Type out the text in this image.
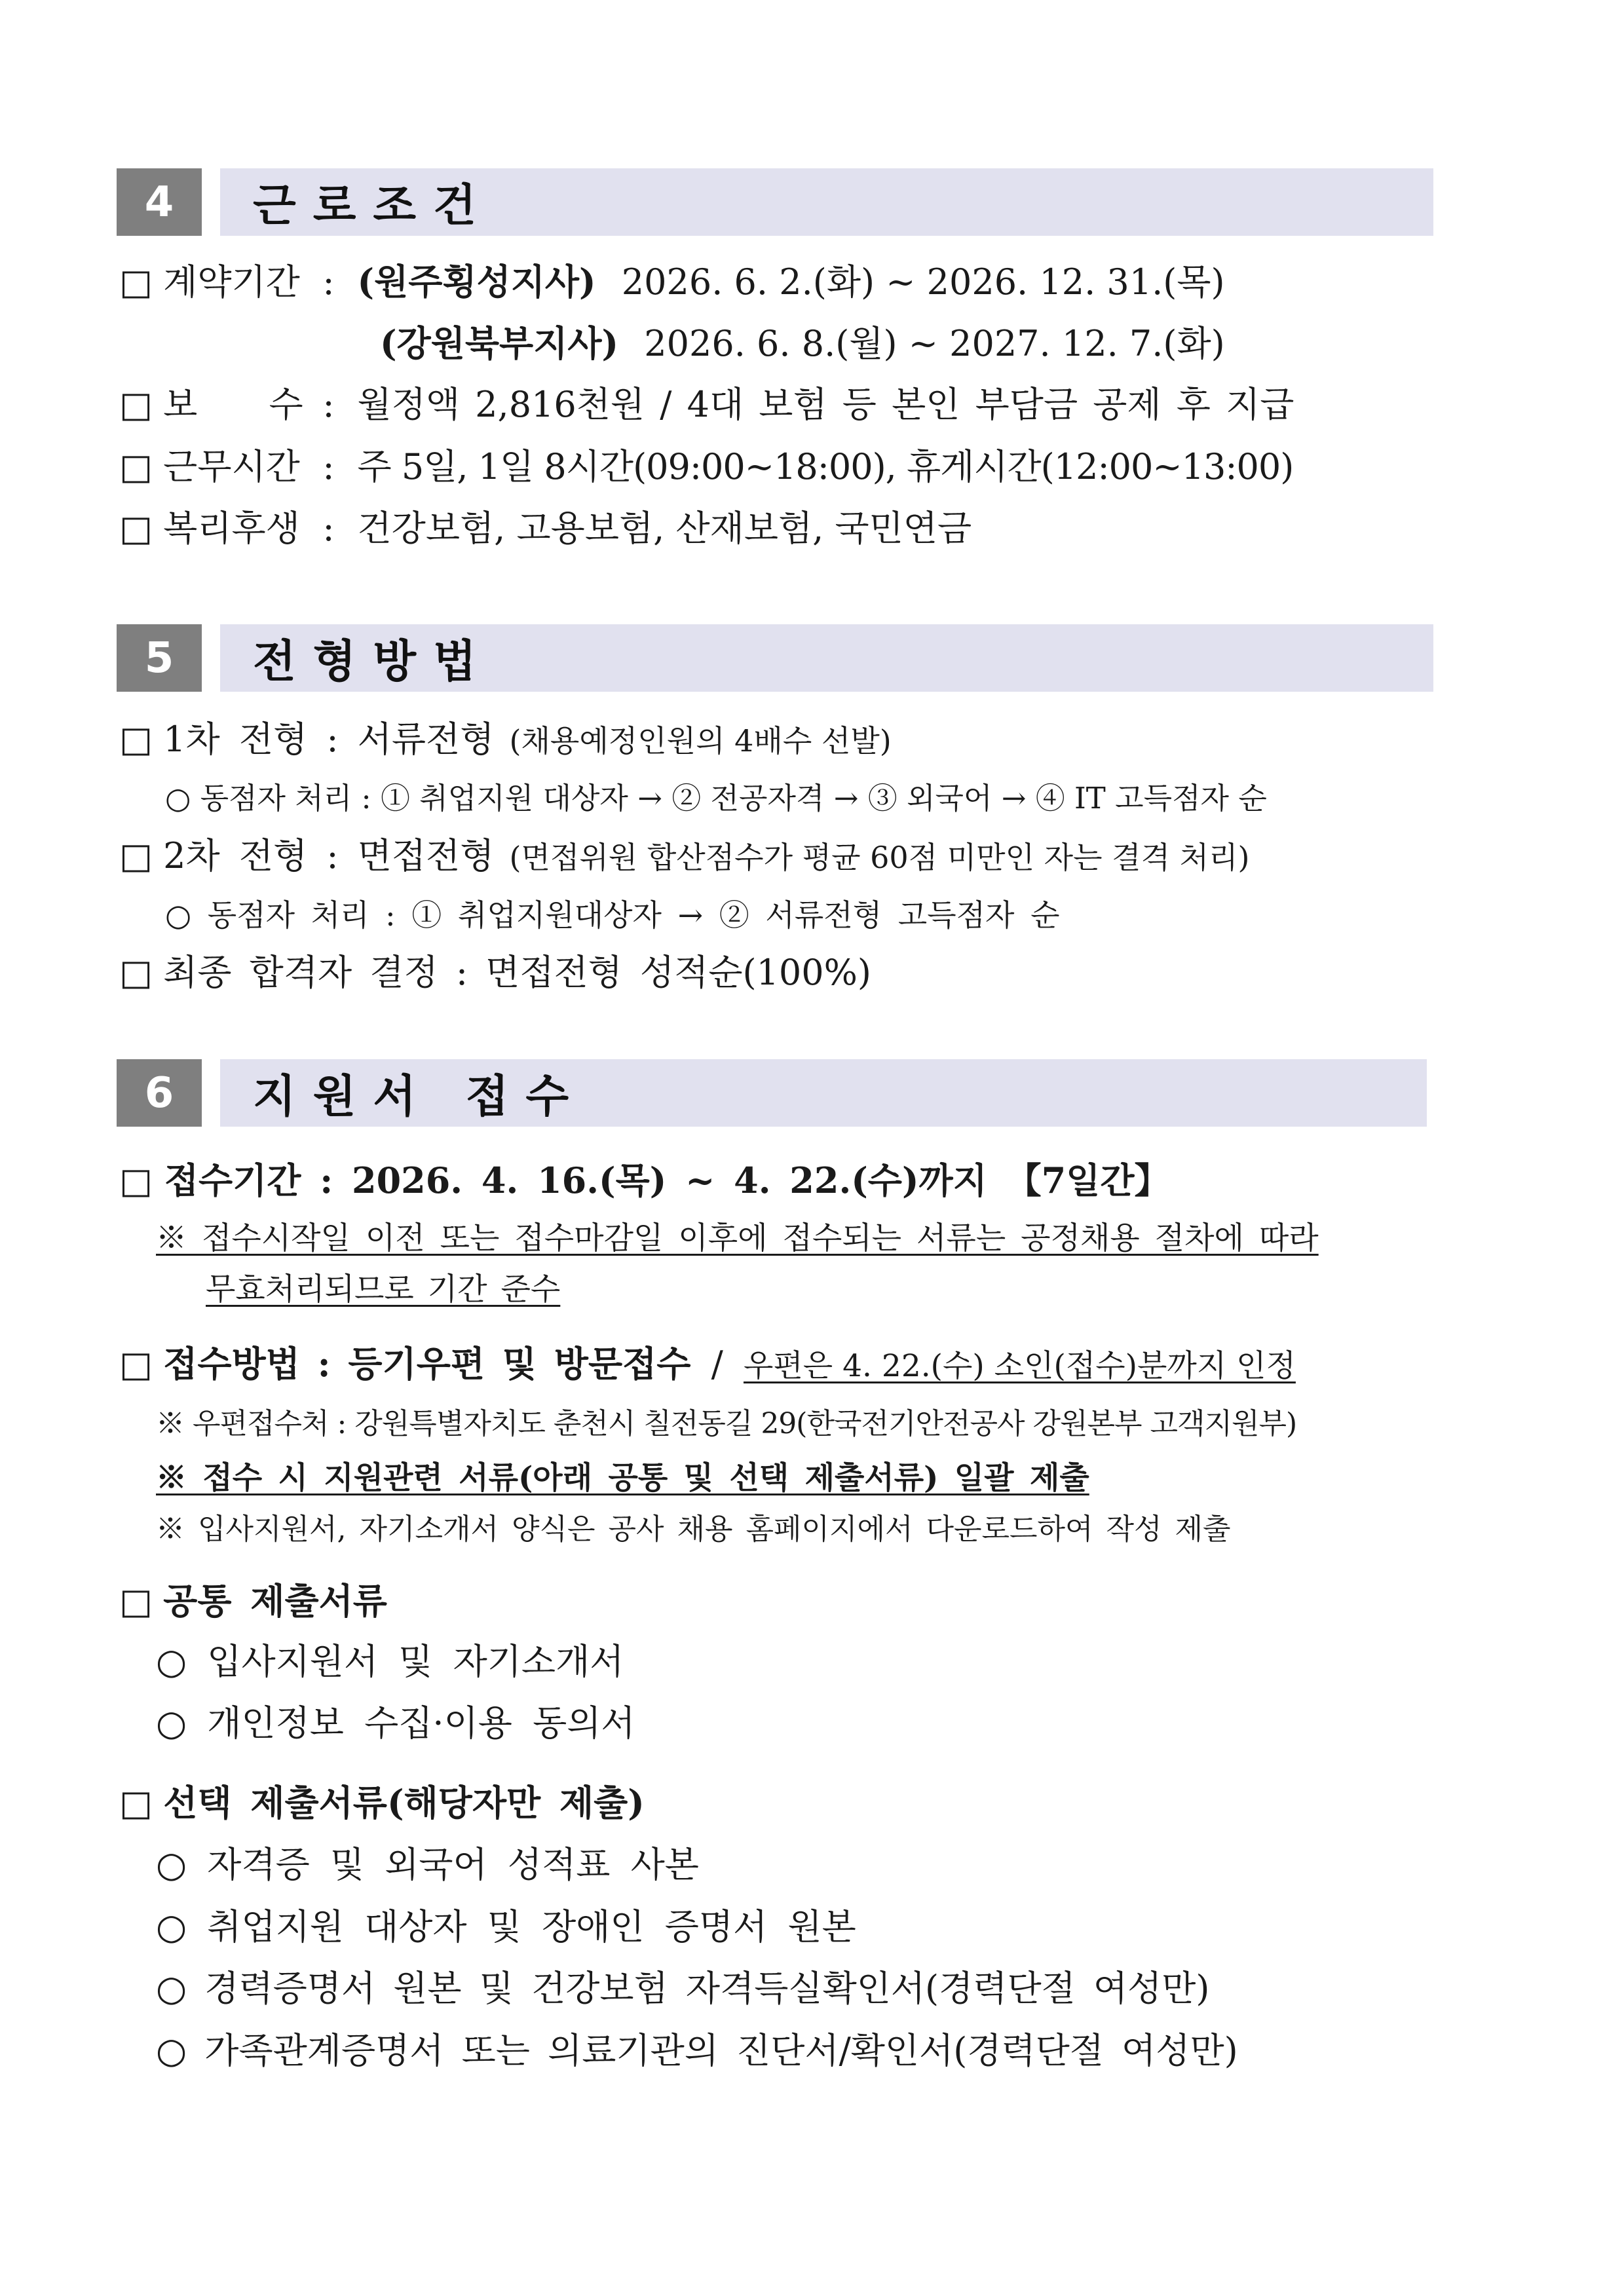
4	근로조건
□ 계약기간 : (원주횡성지사) 2026. 6. 2.(화) ~ 2026. 12. 31.(목)
(강원북부지사) 2026. 6. 8.(월) ~ 2027. 12. 7.(화)
□ 보 수 : 월정액 2,816천원 / 4대 보험 등 본인 부담금 공제 후 지급
□ 근무시간 : 주 5일, 1일 8시간(09:00~18:00), 휴게시간(12:00~13:00)
□ 복리후생 : 건강보험, 고용보험, 산재보험, 국민연금
5	전형방법
□ 1차 전형 : 서류전형 (채용예정인원의 4배수 선발)
○ 동점자 처리 : ① 취업지원 대상자 → ② 전공자격 → ③ 외국어 → ④ IT 고득점자 순
□ 2차 전형 : 면접전형 (면접위원 합산점수가 평균 60점 미만인 자는 결격 처리)
○ 동점자 처리 : ① 취업지원대상자 → ② 서류전형 고득점자 순
□ 최종 합격자 결정 : 면접전형 성적순(100%)
6	지원서 접수
□ 접수기간 : 2026. 4. 16.(목) ~ 4. 22.(수)까지 【7일간】
※ 접수시작일 이전 또는 접수마감일 이후에 접수되는 서류는 공정채용 절차에 따라
무효처리되므로 기간 준수
□ 접수방법 : 등기우편 및 방문접수 / 우편은 4. 22.(수) 소인(접수)분까지 인정
※ 우편접수처 : 강원특별자치도 춘천시 칠전동길 29(한국전기안전공사 강원본부 고객지원부)
※ 접수 시 지원관련 서류(아래 공통 및 선택 제출서류) 일괄 제출
※ 입사지원서, 자기소개서 양식은 공사 채용 홈페이지에서 다운로드하여 작성 제출
□ 공통 제출서류
○ 입사지원서 및 자기소개서
○ 개인정보 수집·이용 동의서
□ 선택 제출서류(해당자만 제출)
○ 자격증 및 외국어 성적표 사본
○ 취업지원 대상자 및 장애인 증명서 원본
○ 경력증명서 원본 및 건강보험 자격득실확인서(경력단절 여성만)
○ 가족관계증명서 또는 의료기관의 진단서/확인서(경력단절 여성만)
